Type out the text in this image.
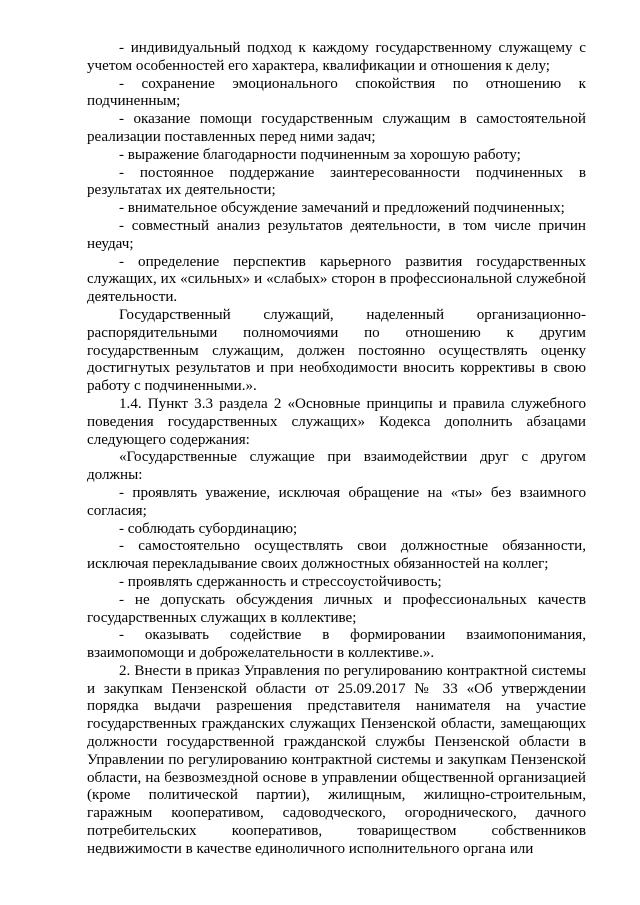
- индивидуальный подход к каждому государственному служащему с учетом особенностей его характера, квалификации и отношения к делу;

- сохранение эмоционального спокойствия по отношению к подчиненным;

- оказание помощи государственным служащим в самостоятельной реализации поставленных перед ними задач;

- выражение благодарности подчиненным за хорошую работу;

- постоянное поддержание заинтересованности подчиненных в результатах их деятельности;

- внимательное обсуждение замечаний и предложений подчиненных;

- совместный анализ результатов деятельности, в том числе причин неудач;

- определение перспектив карьерного развития государственных служащих, их «сильных» и «слабых» сторон в профессиональной служебной деятельности.

Государственный служащий, наделенный организационно-распорядительными полномочиями по отношению к другим государственным служащим, должен постоянно осуществлять оценку достигнутых результатов и при необходимости вносить коррективы в свою работу с подчиненными.».

1.4. Пункт 3.3 раздела 2 «Основные принципы и правила служебного поведения государственных служащих» Кодекса дополнить абзацами следующего содержания:

«Государственные служащие при взаимодействии друг с другом должны:

- проявлять уважение, исключая обращение на «ты» без взаимного согласия;

- соблюдать субординацию;

- самостоятельно осуществлять свои должностные обязанности, исключая перекладывание своих должностных обязанностей на коллег;

- проявлять сдержанность и стрессоустойчивость;

- не допускать обсуждения личных и профессиональных качеств государственных служащих в коллективе;

- оказывать содействие в формировании взаимопонимания, взаимопомощи и доброжелательности в коллективе.».

2. Внести в приказ Управления по регулированию контрактной системы и закупкам Пензенской области от 25.09.2017 № 33 «Об утверждении порядка выдачи разрешения представителя нанимателя на участие государственных гражданских служащих Пензенской области, замещающих должности государственной гражданской службы Пензенской области в Управлении по регулированию контрактной системы и закупкам Пензенской области, на безвозмездной основе в управлении общественной организацией (кроме политической партии), жилищным, жилищно-строительным, гаражным кооперативом, садоводческого, огороднического, дачного потребительских кооперативов, товариществом собственников недвижимости в качестве единоличного исполнительного органа или
